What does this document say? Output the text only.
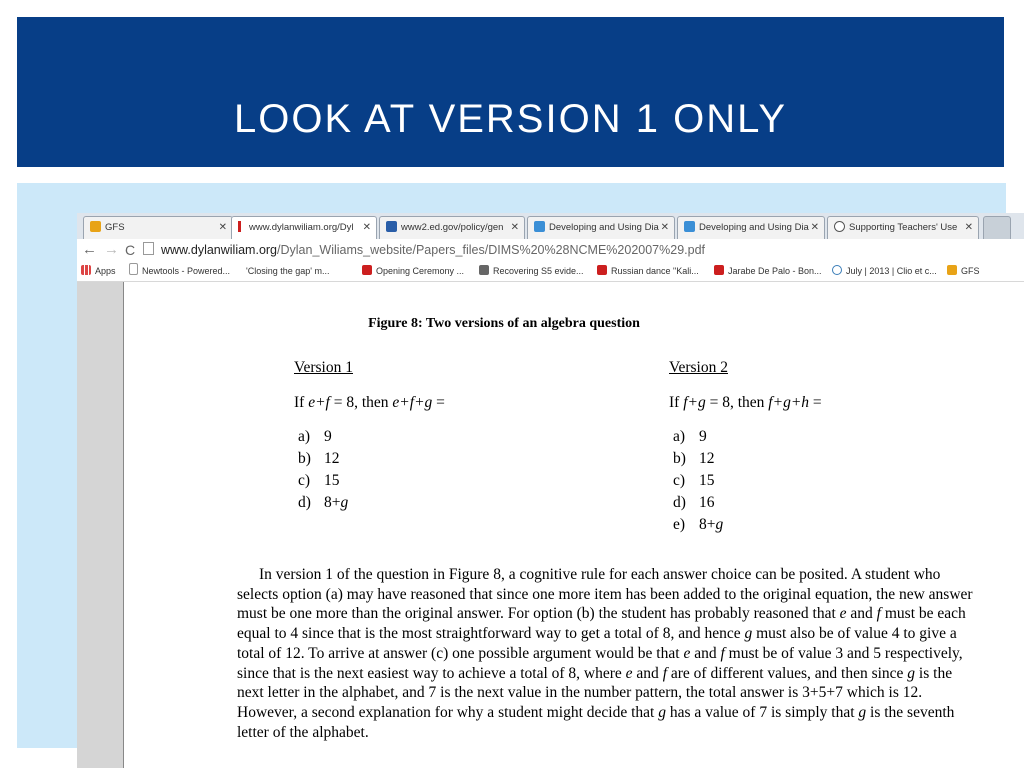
LOOK AT VERSION 1 ONLY
GFS	✕	www.dylanwiliam.org/Dyl ✕	www2.ed.gov/policy/gen ✕	Developing and Using Dia ✕	Developing and Using Dia ✕	Supporting Teachers' Use ✕
← → C	www.dylanwiliam.org/Dylan_Wiliams_website/Papers_files/DIMS%20%28NCME%202007%29.pdf
Apps	Newtools - Powered...	'Closing the gap' m...	Opening Ceremony ...	Recovering S5 evide...	Russian dance "Kali...	Jarabe De Palo - Bon...	July | 2013 | Clio et c...	GFS
Figure 8: Two versions of an algebra question
Version 1
If e+f = 8, then e+f+g =
a) 9
b) 12
c) 15
d) 8+g
Version 2
If f+g = 8, then f+g+h =
a) 9
b) 12
c) 15
d) 16
e) 8+g

In version 1 of the question in Figure 8, a cognitive rule for each answer choice can be posited. A student who selects option (a) may have reasoned that since one more item has been added to the original equation, the new answer must be one more than the original answer. For option (b) the student has probably reasoned that e and f must be each equal to 4 since that is the most straightforward way to get a total of 8, and hence g must also be of value 4 to give a total of 12. To arrive at answer (c) one possible argument would be that e and f must be of value 3 and 5 respectively, since that is the next easiest way to achieve a total of 8, where e and f are of different values, and then since g is the next letter in the alphabet, and 7 is the next value in the number pattern, the total answer is 3+5+7 which is 12. However, a second explanation for why a student might decide that g has a value of 7 is simply that g is the seventh letter of the alphabet.
